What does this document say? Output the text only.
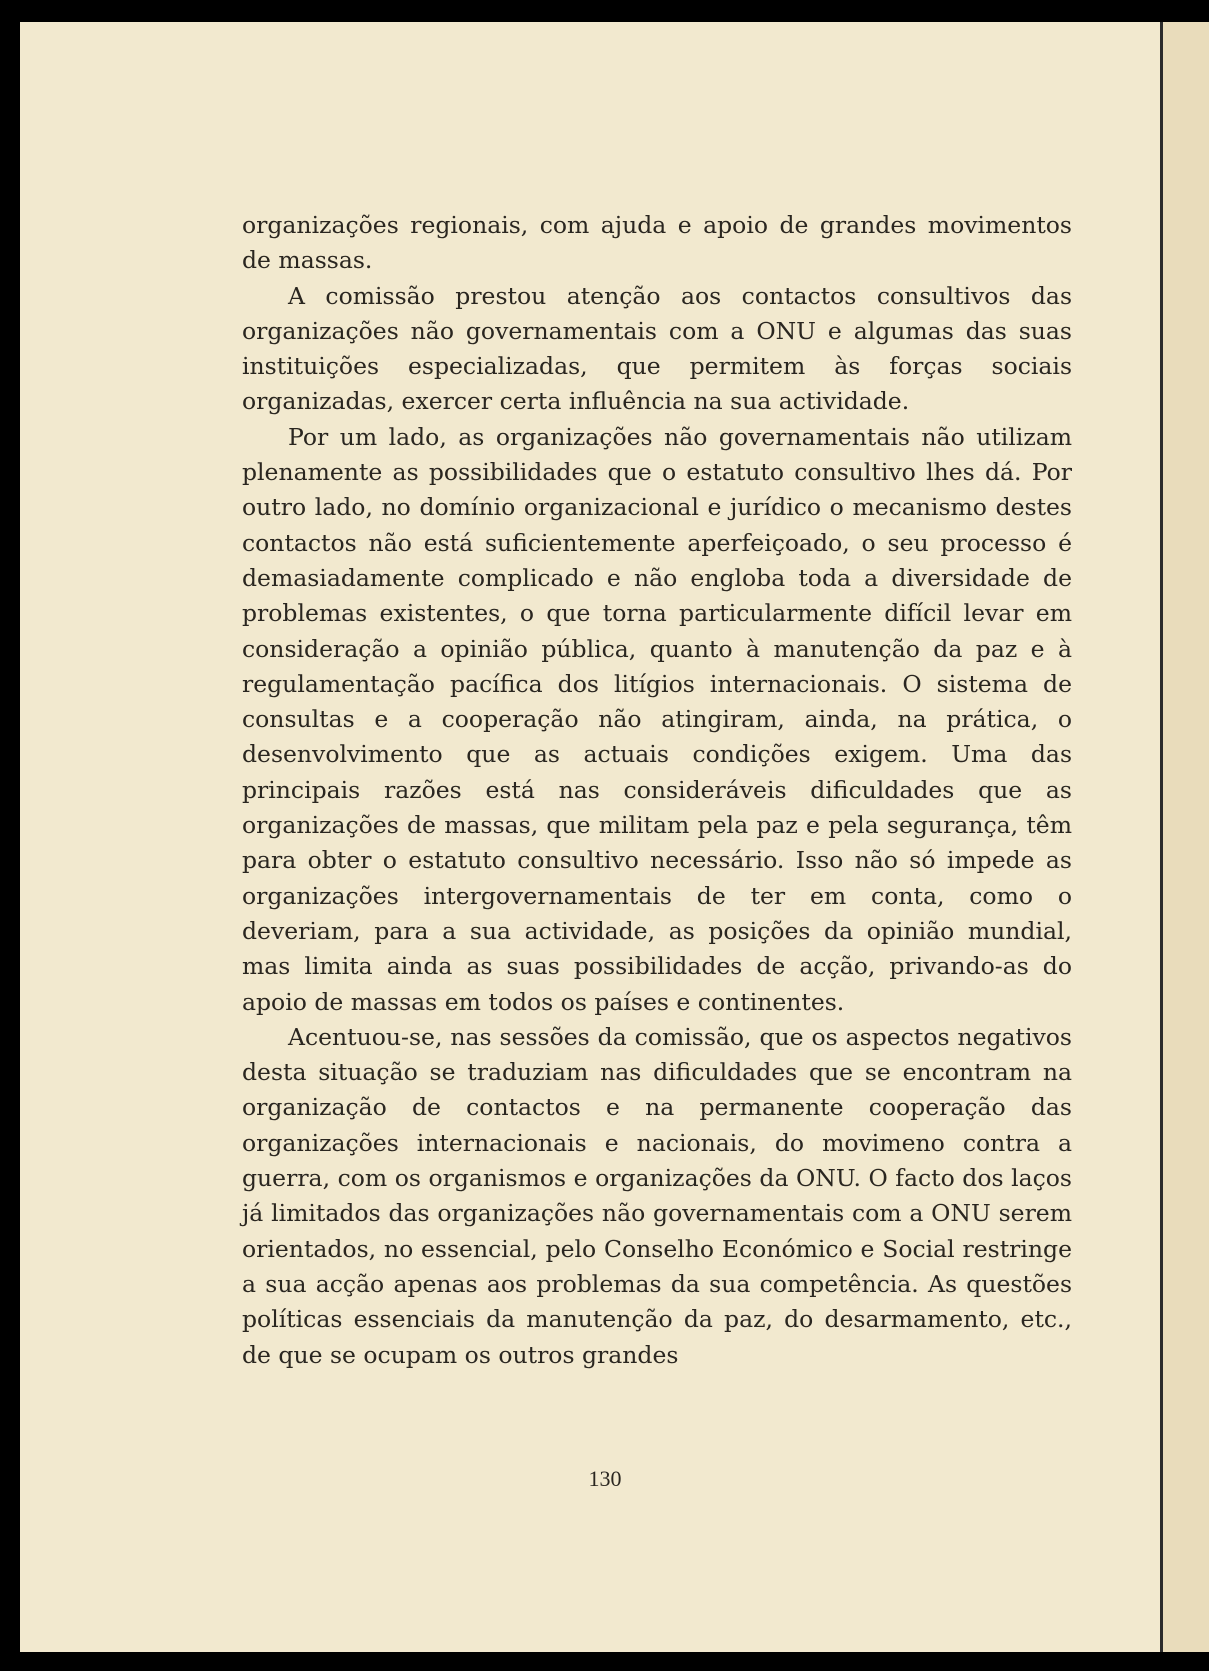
organizações regionais, com ajuda e apoio de grandes movimentos de massas.

A comissão prestou atenção aos contactos consultivos das organizações não governamentais com a ONU e algumas das suas instituições especializadas, que permitem às forças sociais organizadas, exercer certa influência na sua actividade.

Por um lado, as organizações não governamentais não utilizam plenamente as possibilidades que o estatuto consultivo lhes dá. Por outro lado, no domínio organizacional e jurídico o mecanismo destes contactos não está suficientemente aperfeiçoado, o seu processo é demasiadamente complicado e não engloba toda a diversidade de problemas existentes, o que torna particularmente difícil levar em consideração a opinião pública, quanto à manutenção da paz e à regulamentação pacífica dos litígios internacionais. O sistema de consultas e a cooperação não atingiram, ainda, na prática, o desenvolvimento que as actuais condições exigem. Uma das principais razões está nas consideráveis dificuldades que as organizações de massas, que militam pela paz e pela segurança, têm para obter o estatuto consultivo necessário. Isso não só impede as organizações intergovernamentais de ter em conta, como o deveriam, para a sua actividade, as posições da opinião mundial, mas limita ainda as suas possibilidades de acção, privando-as do apoio de massas em todos os países e continentes.

Acentuou-se, nas sessões da comissão, que os aspectos negativos desta situação se traduziam nas dificuldades que se encontram na organização de contactos e na permanente cooperação das organizações internacionais e nacionais, do movimeno contra a guerra, com os organismos e organizações da ONU. O facto dos laços já limitados das organizações não governamentais com a ONU serem orientados, no essencial, pelo Conselho Económico e Social restringe a sua acção apenas aos problemas da sua competência. As questões políticas essenciais da manutenção da paz, do desarmamento, etc., de que se ocupam os outros grandes

130
